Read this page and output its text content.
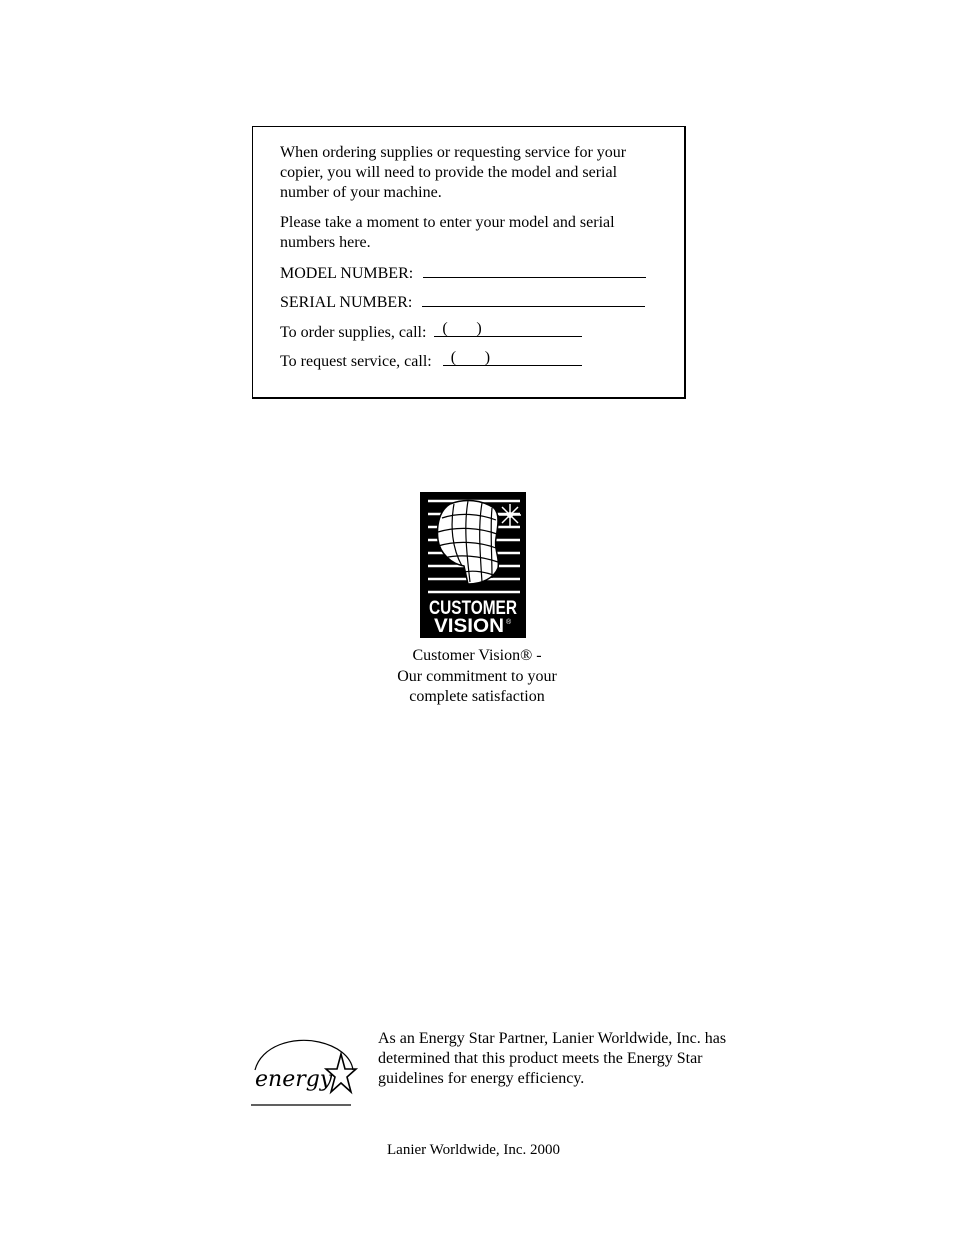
When ordering supplies or requesting service for your copier, you will need to provide the model and serial number of your machine.
Please take a moment to enter your model and serial numbers here.
MODEL NUMBER:
SERIAL NUMBER:
To order supplies, call: ( )
To request service, call: ( )
CUSTOMER
VISION ®
Customer Vision® -
Our commitment to your
complete satisfaction
energy
As an Energy Star Partner, Lanier Worldwide, Inc. has determined that this product meets the Energy Star guidelines for energy efficiency.
Lanier Worldwide, Inc. 2000
